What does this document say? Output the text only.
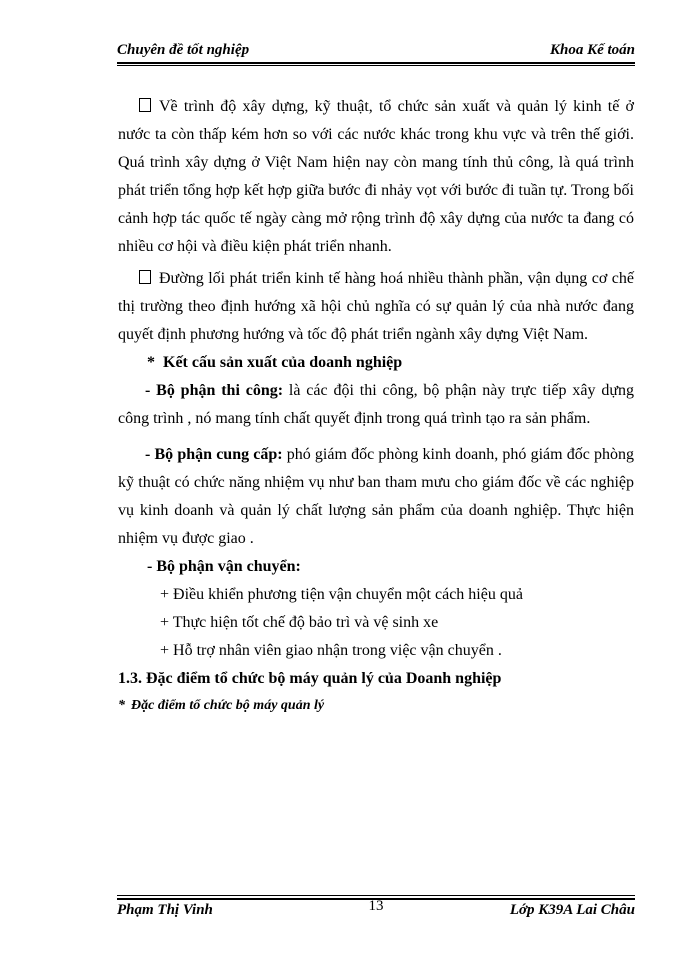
Chuyên đề tốt nghiệp	Khoa Kế toán

Về trình độ xây dựng, kỹ thuật, tổ chức sản xuất và quản lý kinh tế ở nước ta còn thấp kém hơn so với các nước khác trong khu vực và trên thế giới. Quá trình xây dựng ở Việt Nam hiện nay còn mang tính thủ công, là quá trình phát triển tổng hợp kết hợp giữa bước đi nhảy vọt với bước đi tuần tự. Trong bối cảnh hợp tác quốc tế ngày càng mở rộng trình độ xây dựng của nước ta đang có nhiều cơ hội và điều kiện phát triển nhanh.

Đường lối phát triển kinh tế hàng hoá nhiều thành phần, vận dụng cơ chế thị trường theo định hướng xã hội chủ nghĩa có sự quản lý của nhà nước đang quyết định phương hướng và tốc độ phát triển ngành xây dựng Việt Nam.

* Kết cấu sản xuất của doanh nghiệp

- Bộ phận thi công: là các đội thi công, bộ phận này trực tiếp xây dựng công trình , nó mang tính chất quyết định trong quá trình tạo ra sản phẩm.

- Bộ phận cung cấp: phó giám đốc phòng kinh doanh, phó giám đốc phòng kỹ thuật có chức năng nhiệm vụ như ban tham mưu cho giám đốc về các nghiệp vụ kinh doanh và quản lý chất lượng sản phẩm của doanh nghiệp. Thực hiện nhiệm vụ được giao .

- Bộ phận vận chuyển:

+ Điều khiển phương tiện vận chuyển một cách hiệu quả

+ Thực hiện tốt chế độ bảo trì và vệ sinh xe

+ Hỗ trợ nhân viên giao nhận trong việc vận chuyển .

1.3. Đặc điểm tổ chức bộ máy quản lý của Doanh nghiệp

* Đặc điểm tổ chức bộ máy quản lý

Phạm Thị Vinh	13	Lớp K39A Lai Châu
